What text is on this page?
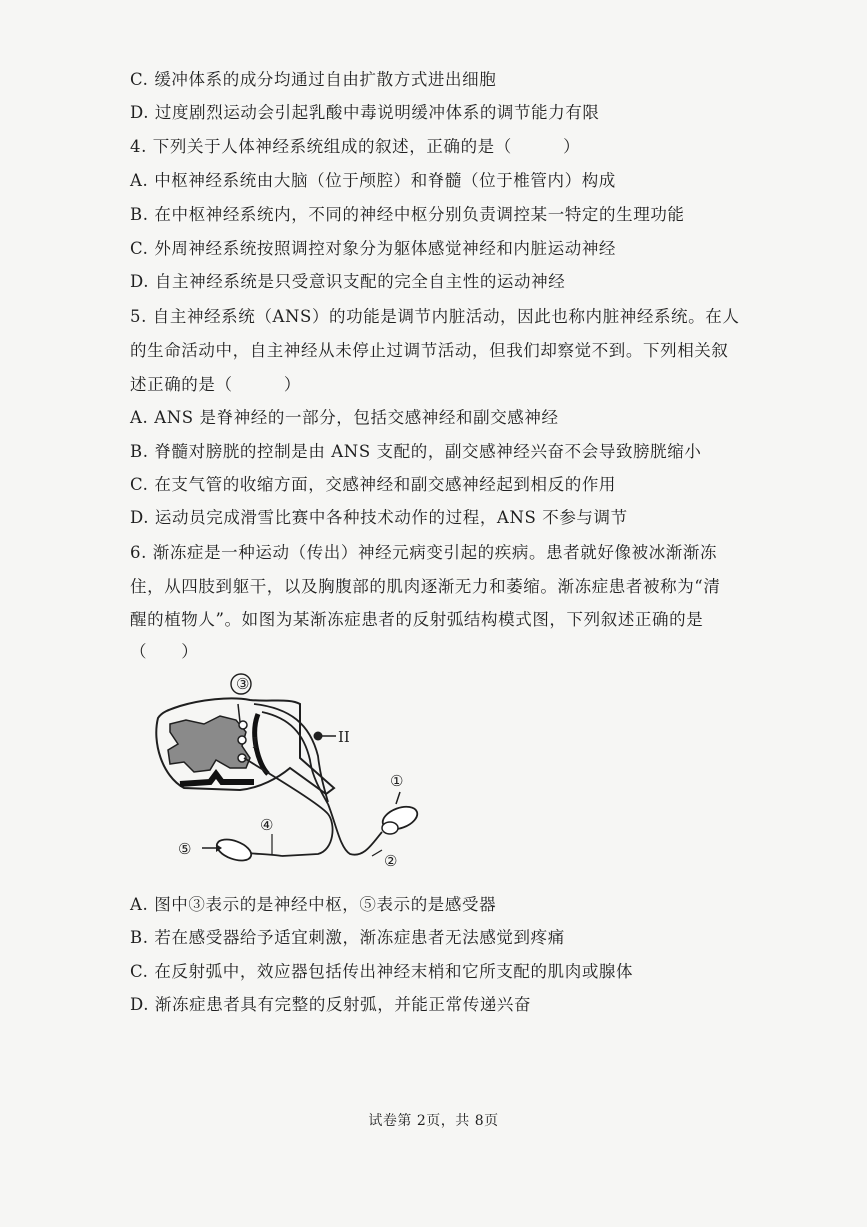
C. 缓冲体系的成分均通过自由扩散方式进出细胞
D. 过度剧烈运动会引起乳酸中毒说明缓冲体系的调节能力有限
4. 下列关于人体神经系统组成的叙述，正确的是（　　　）
A. 中枢神经系统由大脑（位于颅腔）和脊髓（位于椎管内）构成
B. 在中枢神经系统内，不同的神经中枢分别负责调控某一特定的生理功能
C. 外周神经系统按照调控对象分为躯体感觉神经和内脏运动神经
D. 自主神经系统是只受意识支配的完全自主性的运动神经
5. 自主神经系统（ANS）的功能是调节内脏活动，因此也称内脏神经系统。在人
的生命活动中，自主神经从未停止过调节活动，但我们却察觉不到。下列相关叙
述正确的是（　　　）
A. ANS 是脊神经的一部分，包括交感神经和副交感神经
B. 脊髓对膀胱的控制是由 ANS 支配的，副交感神经兴奋不会导致膀胱缩小
C. 在支气管的收缩方面，交感神经和副交感神经起到相反的作用
D. 运动员完成滑雪比赛中各种技术动作的过程，ANS 不参与调节
6. 渐冻症是一种运动（传出）神经元病变引起的疾病。患者就好像被冰渐渐冻
住，从四肢到躯干，以及胸腹部的肌肉逐渐无力和萎缩。渐冻症患者被称为“清
醒的植物人”。如图为某渐冻症患者的反射弧结构模式图，下列叙述正确的是
（　　）
③
I	II
①
②
④
⑤
A. 图中③表示的是神经中枢，⑤表示的是感受器
B. 若在感受器给予适宜刺激，渐冻症患者无法感觉到疼痛
C. 在反射弧中，效应器包括传出神经末梢和它所支配的肌肉或腺体
D. 渐冻症患者具有完整的反射弧，并能正常传递兴奋
试卷第 2页，共 8页
